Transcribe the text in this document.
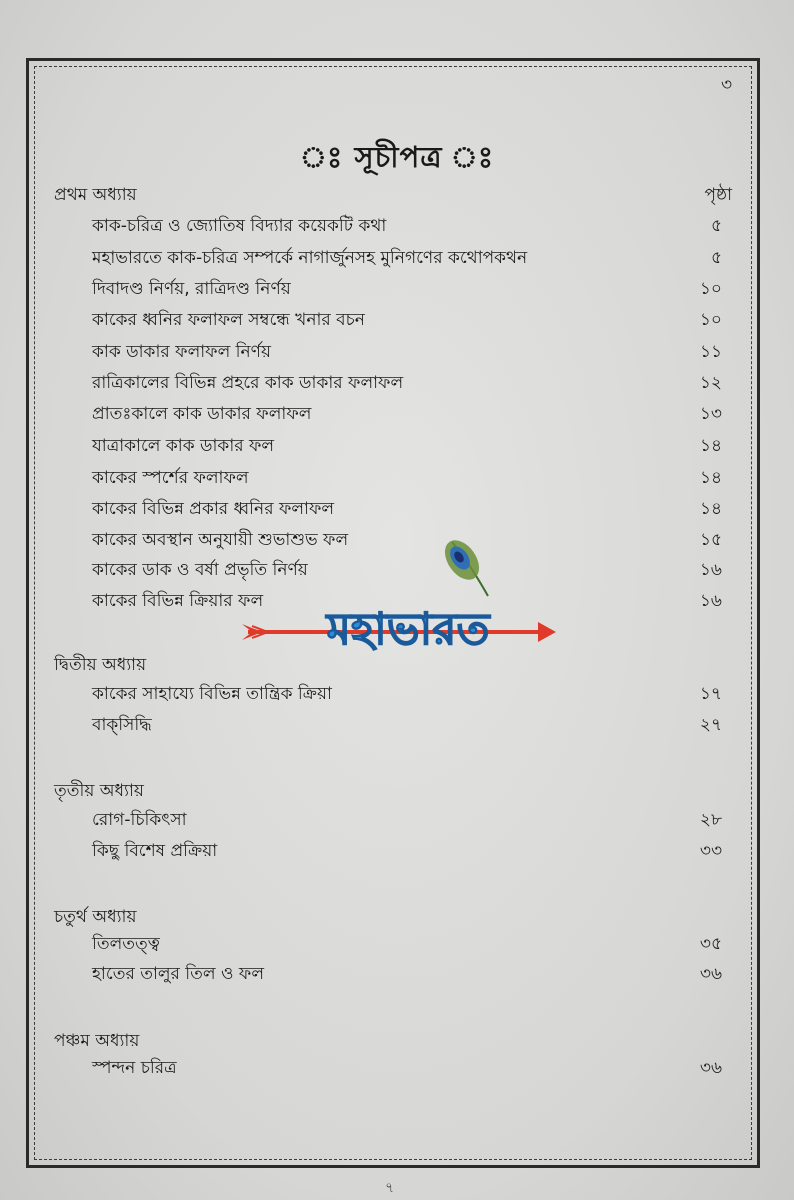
৩
ঃ সূচীপত্র ঃ
প্রথম অধ্যায়	পৃষ্ঠা
কাক-চরিত্র ও জ্যোতিষ বিদ্যার কয়েকটি কথা	৫
মহাভারতে কাক-চরিত্র সম্পর্কে নাগার্জুনসহ মুনিগণের কথোপকথন	৫
দিবাদণ্ড নির্ণয়, রাত্রিদণ্ড নির্ণয়	১০
কাকের ধ্বনির ফলাফল সম্বন্ধে খনার বচন	১০
কাক ডাকার ফলাফল নির্ণয়	১১
রাত্রিকালের বিভিন্ন প্রহরে কাক ডাকার ফলাফল	১২
প্রাতঃকালে কাক ডাকার ফলাফল	১৩
যাত্রাকালে কাক ডাকার ফল	১৪
কাকের স্পর্শের ফলাফল	১৪
কাকের বিভিন্ন প্রকার ধ্বনির ফলাফল	১৪
কাকের অবস্থান অনুযায়ী শুভাশুভ ফল	১৫
কাকের ডাক ও বর্ষা প্রভৃতি নির্ণয়	১৬
কাকের বিভিন্ন ক্রিয়ার ফল	১৬
দ্বিতীয় অধ্যায়
কাকের সাহায্যে বিভিন্ন তান্ত্রিক ক্রিয়া	১৭
বাক্‌সিদ্ধি	২৭
তৃতীয় অধ্যায়
রোগ-চিকিৎসা	২৮
কিছু বিশেষ প্রক্রিয়া	৩৩
চতুর্থ অধ্যায়
তিলতত্ত্ব	৩৫
হাতের তালুর তিল ও ফল	৩৬
পঞ্চম অধ্যায়
স্পন্দন চরিত্র	৩৬
মহাভারত
৭
